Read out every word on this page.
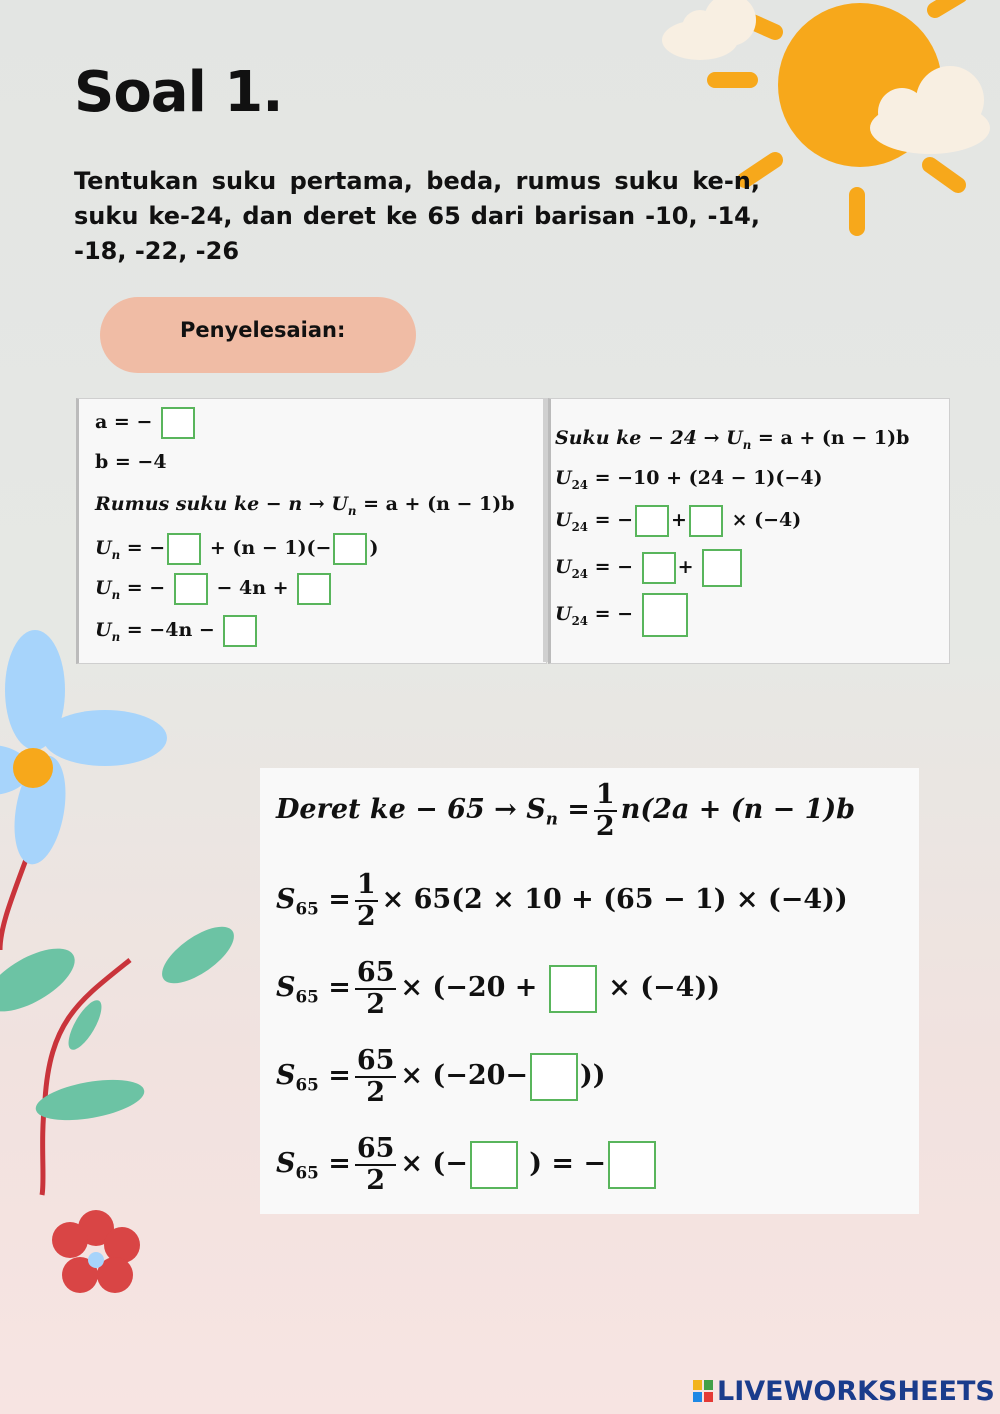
Soal 1.

Tentukan suku pertama, beda, rumus suku ke-n, suku ke-24, dan deret ke 65 dari barisan -10, -14, -18, -22, -26

Penyelesaian:
a = −
b = −4
Rumus suku ke − $n \to U_n = a + (n - 1)b$
$U_n$ = − + (n − 1)(− )
$U_n$ = −	− 4n +
$U_n = -4n$ −
Suku ke − $24 \to U_n = a + (n - 1)b$
$U_{24} = -10 + (24 - 1)(-4)$
$U_{24}$ = − + × (−4)
$U_{24}$ = − +
$U_{24}$ = −
Deret ke − $65 \to S_n = \frac{1}{2} n(2a + (n - 1)b$
$S_{65} = \frac{1}{2} \times 65(2 \times 10 + (65 - 1) \times (-4))$
$S_{65} = \frac{65}{2} \times (-20$ +	× (−4))
$S_{65} = \frac{65}{2} \times (-20-$ ))
$S_{65} = \frac{65}{2}$ × (− ) = −
LIVEWORKSHEETS
